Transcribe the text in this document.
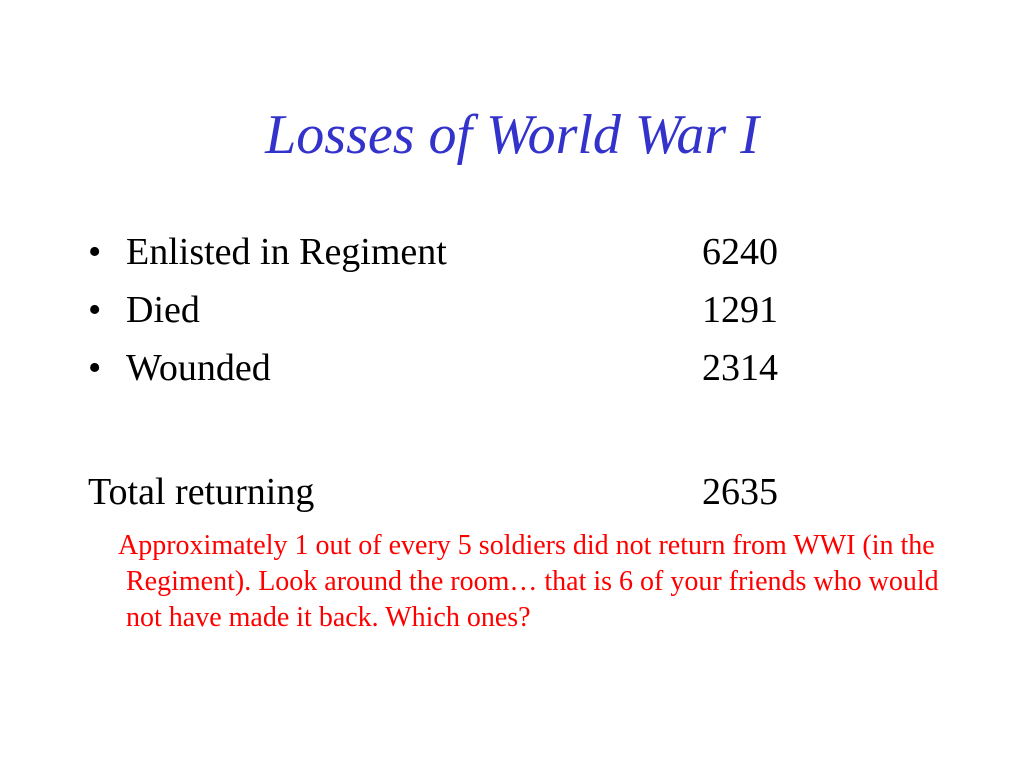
Losses of World War I
• Enlisted in Regiment	6240
• Died	1291
• Wounded	2314
Total returning	2635

Approximately 1 out of every 5 soldiers did not return from WWI (in the Regiment). Look around the room… that is 6 of your friends who would not have made it back. Which ones?
